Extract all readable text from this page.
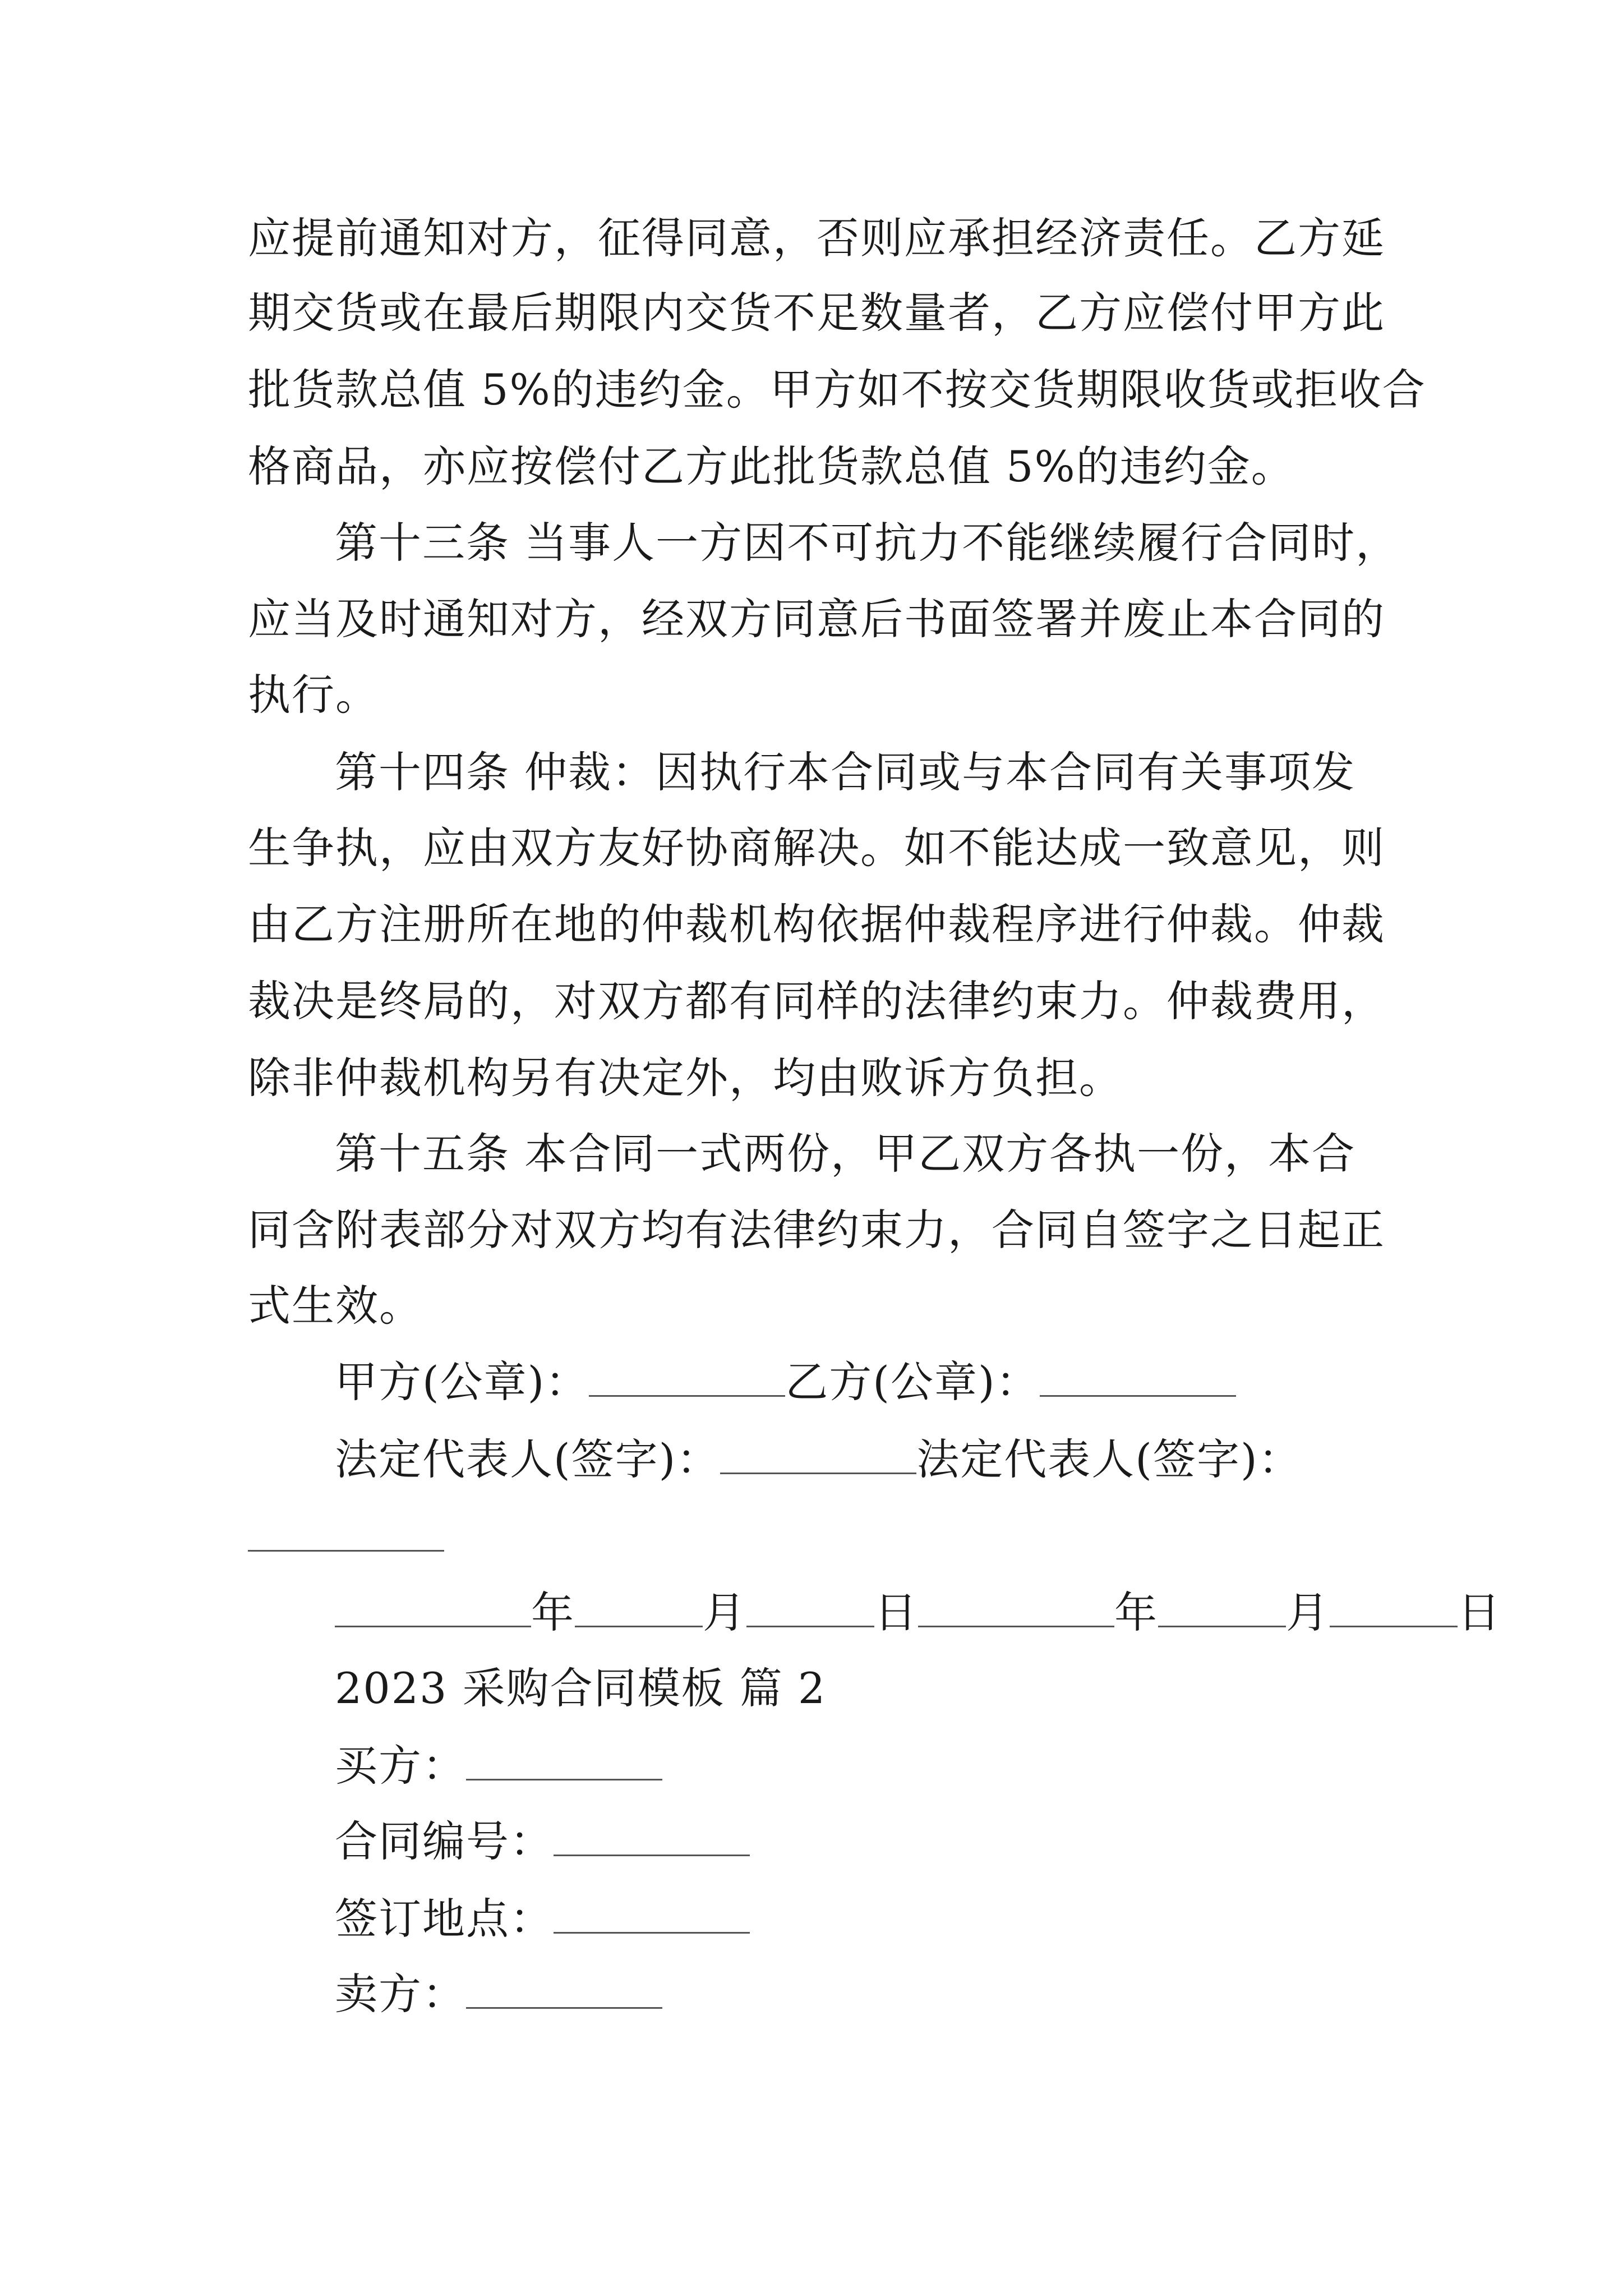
应提前通知对方，征得同意，否则应承担经济责任。乙方延
期交货或在最后期限内交货不足数量者，乙方应偿付甲方此
批货款总值 5%的违约金。甲方如不按交货期限收货或拒收合
格商品，亦应按偿付乙方此批货款总值 5%的违约金。
第十三条 当事人一方因不可抗力不能继续履行合同时，
应当及时通知对方，经双方同意后书面签署并废止本合同的
执行。
第十四条 仲裁：因执行本合同或与本合同有关事项发
生争执，应由双方友好协商解决。如不能达成一致意见，则
由乙方注册所在地的仲裁机构依据仲裁程序进行仲裁。仲裁
裁决是终局的，对双方都有同样的法律约束力。仲裁费用，
除非仲裁机构另有决定外，均由败诉方负担。
第十五条 本合同一式两份，甲乙双方各执一份，本合
同含附表部分对双方均有法律约束力，合同自签字之日起正
式生效。
甲方(公章)：	乙方(公章)：
法定代表人(签字)：	法定代表人(签字)：
年	月	日	年	月	日
2023 采购合同模板 篇 2
买方：
合同编号：
签订地点：
卖方：
